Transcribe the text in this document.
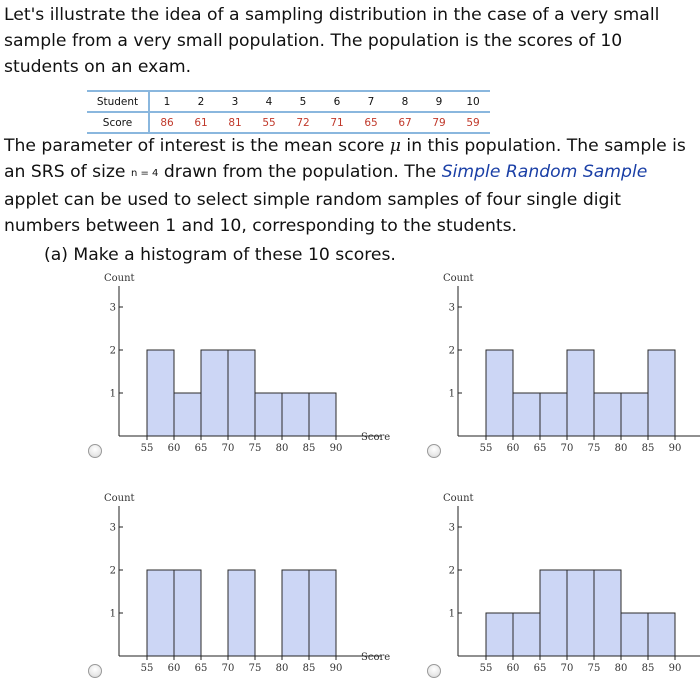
Let's illustrate the idea of a sampling distribution in the case of a very small sample from a very small population. The population is the scores of 10 students on an exam.

Student	1	2	3	4	5	6	7	8	9	10
Score	86	61	81	55	72	71	65	67	79	59

The parameter of interest is the mean score μ in this population. The sample is an SRS of size n = 4 drawn from the population. The Simple Random Sample applet can be used to select simple random samples of four single digit numbers between 1 and 10, corresponding to the students.

(a) Make a histogram of these 10 scores.

1
2
3
55 60 65 70 75 80 85 90
Count
Score
1
2
3
55 60 65 70 75 80 85 90
Count
1
2
3
55 60 65 70 75 80 85 90
Count
Score
1
2
3
55 60 65 70 75 80 85 90
Count
